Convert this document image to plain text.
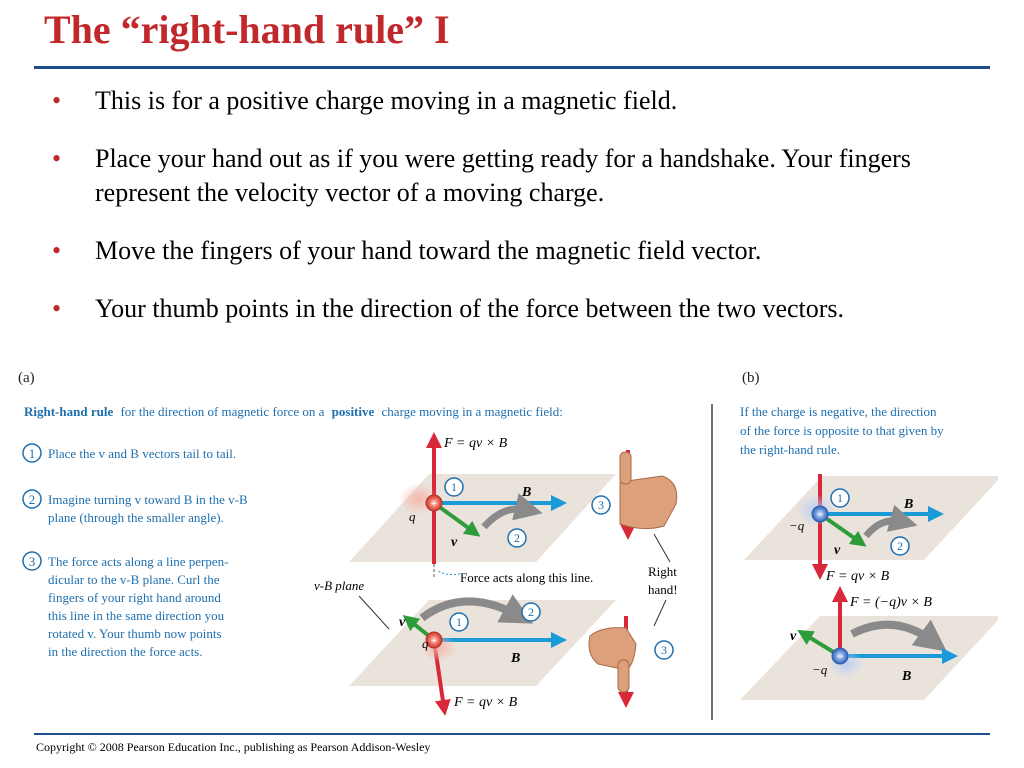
The “right-hand rule” I
• This is for a positive charge moving in a magnetic field.
• Place your hand out as if you were getting ready for a handshake. Your fingers represent the velocity vector of a moving charge.
• Move the fingers of your hand toward the magnetic field vector.
• Your thumb points in the direction of the force between the two vectors.
(a)	(b)
Right-hand rule for the direction of magnetic force on a positive charge moving in a magnetic field:
1 Place the v and B vectors tail to tail.
2 Imagine turning v toward B in the v-B
plane (through the smaller angle).
3 The force acts along a line perpen-
dicular to the v-B plane. Curl the
fingers of your right hand around
this line in the same direction you
rotated v. Your thumb now points
in the direction the force acts.
F = qv × B
B
v
+
q
1
2
Force acts along this line.
v-B plane
B
v
+
q
1
2
F = qv × B
3
Right
hand!
3
If the charge is negative, the direction
of the force is opposite to that given by
the right-hand rule.
B
v
−
−q
1
2
F = qv × B
F = (−q)v × B
B
v
−
−q
Copyright © 2008 Pearson Education Inc., publishing as Pearson Addison-Wesley
